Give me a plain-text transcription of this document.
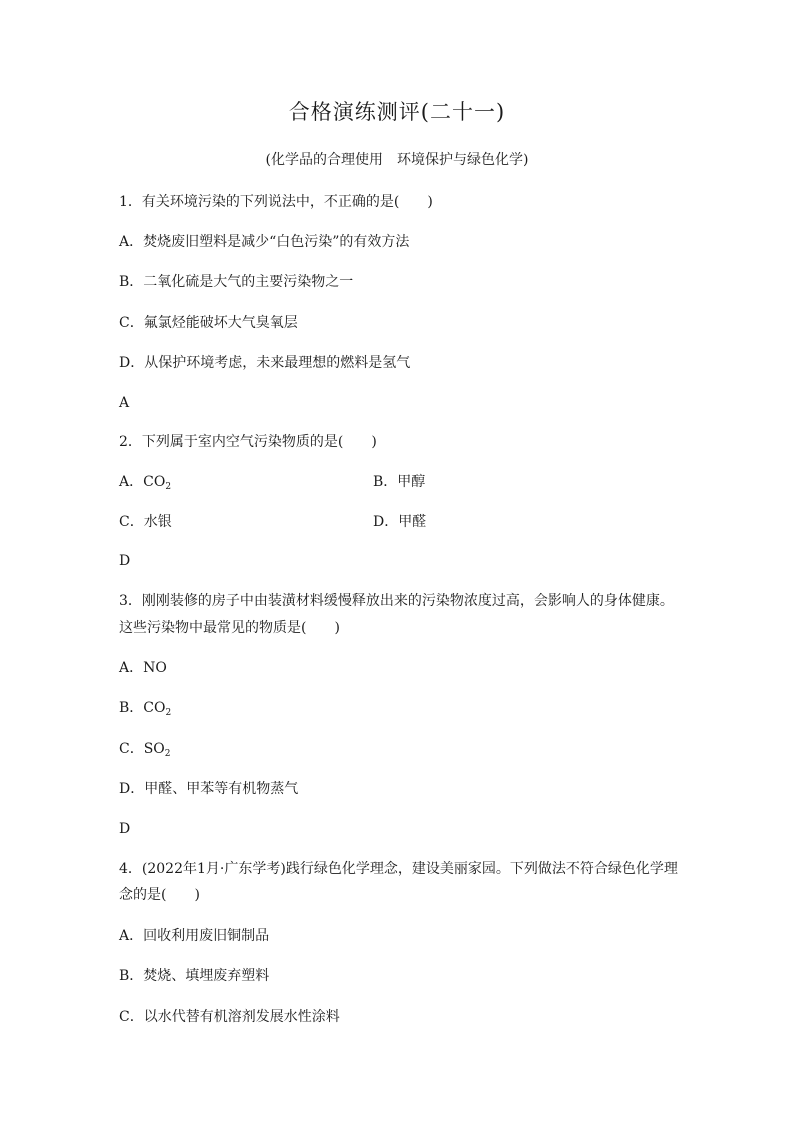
合格演练测评(二十一)
(化学品的合理使用　环境保护与绿色化学)
1．有关环境污染的下列说法中，不正确的是(　　)
A．焚烧废旧塑料是减少“白色污染”的有效方法
B．二氧化硫是大气的主要污染物之一
C．氟氯烃能破坏大气臭氧层
D．从保护环境考虑，未来最理想的燃料是氢气
A
2．下列属于室内空气污染物质的是(　　)
A．$CO_2$	B．甲醇
C．水银	D．甲醛
D
3．刚刚装修的房子中由装潢材料缓慢释放出来的污染物浓度过高，会影响人的身体健康。
这些污染物中最常见的物质是(　　)
A．NO
B．$CO_2$
C．$SO_2$
D．甲醛、甲苯等有机物蒸气
D
4．(2022年1月·广东学考)践行绿色化学理念，建设美丽家园。下列做法不符合绿色化学理
念的是(　　)
A．回收利用废旧铜制品
B．焚烧、填埋废弃塑料
C．以水代替有机溶剂发展水性涂料
